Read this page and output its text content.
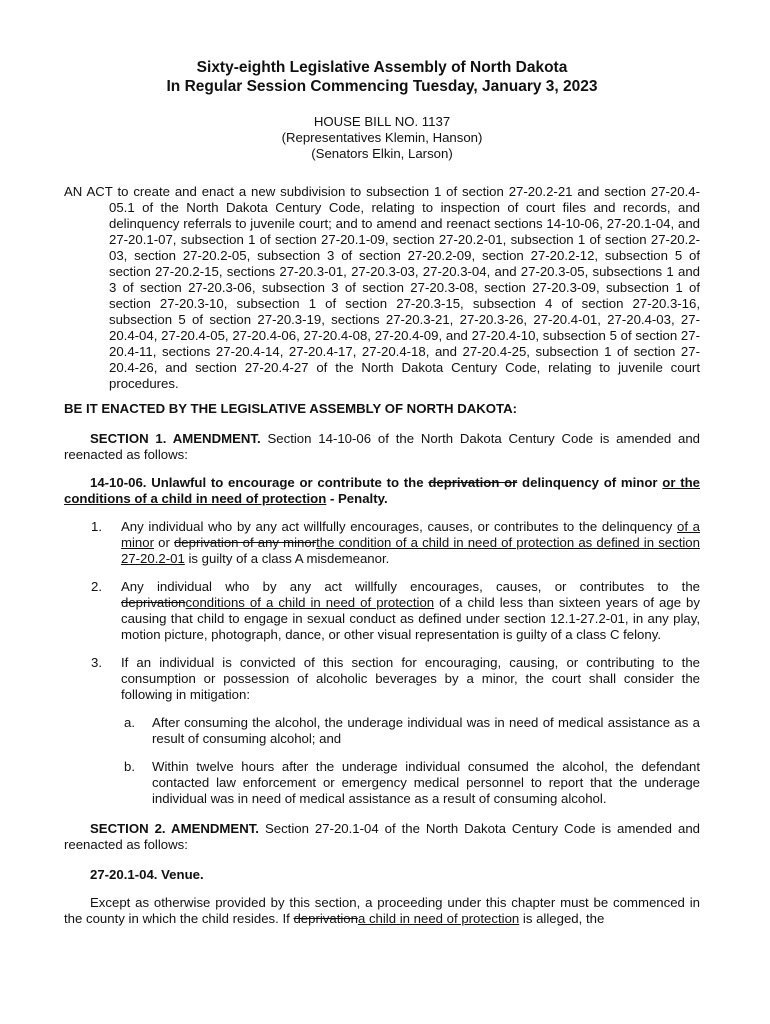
Sixty-eighth Legislative Assembly of North Dakota

In Regular Session Commencing Tuesday, January 3, 2023

HOUSE BILL NO. 1137
(Representatives Klemin, Hanson)
(Senators Elkin, Larson)

AN ACT to create and enact a new subdivision to subsection 1 of section 27-20.2-21 and section 27-20.4-05.1 of the North Dakota Century Code, relating to inspection of court files and records, and delinquency referrals to juvenile court; and to amend and reenact sections 14-10-06, 27-20.1-04, and 27-20.1-07, subsection 1 of section 27-20.1-09, section 27-20.2-01, subsection 1 of section 27-20.2-03, section 27-20.2-05, subsection 3 of section 27-20.2-09, section 27-20.2-12, subsection 5 of section 27-20.2-15, sections 27-20.3-01, 27-20.3-03, 27-20.3-04, and 27-20.3-05, subsections 1 and 3 of section 27-20.3-06, subsection 3 of section 27-20.3-08, section 27-20.3-09, subsection 1 of section 27-20.3-10, subsection 1 of section 27-20.3-15, subsection 4 of section 27-20.3-16, subsection 5 of section 27-20.3-19, sections 27-20.3-21, 27-20.3-26, 27-20.4-01, 27-20.4-03, 27-20.4-04, 27-20.4-05, 27-20.4-06, 27-20.4-08, 27-20.4-09, and 27-20.4-10, subsection 5 of section 27-20.4-11, sections 27-20.4-14, 27-20.4-17, 27-20.4-18, and 27-20.4-25, subsection 1 of section 27-20.4-26, and section 27-20.4-27 of the North Dakota Century Code, relating to juvenile court procedures.

BE IT ENACTED BY THE LEGISLATIVE ASSEMBLY OF NORTH DAKOTA:

SECTION 1. AMENDMENT. Section 14-10-06 of the North Dakota Century Code is amended and reenacted as follows:

14-10-06. Unlawful to encourage or contribute to the deprivation or delinquency of minor or the conditions of a child in need of protection - Penalty.

1. Any individual who by any act willfully encourages, causes, or contributes to the delinquency of a minor or deprivation of any minorthe condition of a child in need of protection as defined in section 27-20.2-01 is guilty of a class A misdemeanor.

2. Any individual who by any act willfully encourages, causes, or contributes to the deprivationconditions of a child in need of protection of a child less than sixteen years of age by causing that child to engage in sexual conduct as defined under section 12.1-27.2-01, in any play, motion picture, photograph, dance, or other visual representation is guilty of a class C felony.

3. If an individual is convicted of this section for encouraging, causing, or contributing to the consumption or possession of alcoholic beverages by a minor, the court shall consider the following in mitigation:

a. After consuming the alcohol, the underage individual was in need of medical assistance as a result of consuming alcohol; and

b. Within twelve hours after the underage individual consumed the alcohol, the defendant contacted law enforcement or emergency medical personnel to report that the underage individual was in need of medical assistance as a result of consuming alcohol.

SECTION 2. AMENDMENT. Section 27-20.1-04 of the North Dakota Century Code is amended and reenacted as follows:

27-20.1-04. Venue.

Except as otherwise provided by this section, a proceeding under this chapter must be commenced in the county in which the child resides. If deprivationa child in need of protection is alleged, the
